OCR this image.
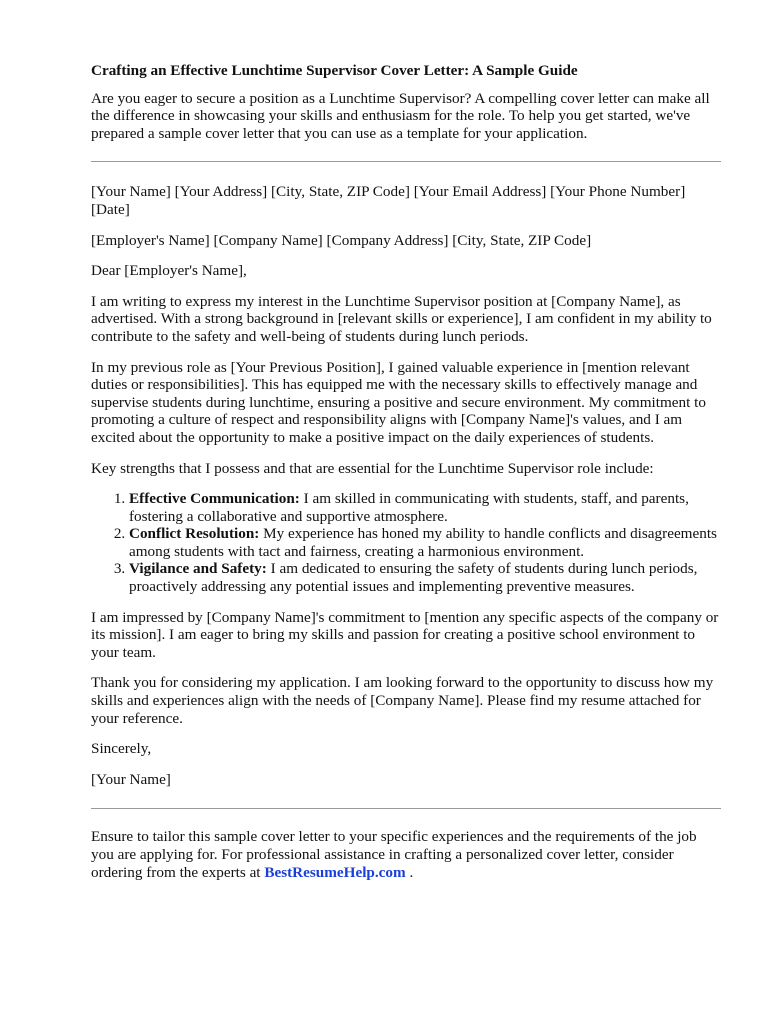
Crafting an Effective Lunchtime Supervisor Cover Letter: A Sample Guide

Are you eager to secure a position as a Lunchtime Supervisor? A compelling cover letter can make all the difference in showcasing your skills and enthusiasm for the role. To help you get started, we've prepared a sample cover letter that you can use as a template for your application.

[Your Name] [Your Address] [City, State, ZIP Code] [Your Email Address] [Your Phone Number] [Date]

[Employer's Name] [Company Name] [Company Address] [City, State, ZIP Code]

Dear [Employer's Name],

I am writing to express my interest in the Lunchtime Supervisor position at [Company Name], as advertised. With a strong background in [relevant skills or experience], I am confident in my ability to contribute to the safety and well-being of students during lunch periods.

In my previous role as [Your Previous Position], I gained valuable experience in [mention relevant duties or responsibilities]. This has equipped me with the necessary skills to effectively manage and supervise students during lunchtime, ensuring a positive and secure environment. My commitment to promoting a culture of respect and responsibility aligns with [Company Name]'s values, and I am excited about the opportunity to make a positive impact on the daily experiences of students.

Key strengths that I possess and that are essential for the Lunchtime Supervisor role include:

1. Effective Communication: I am skilled in communicating with students, staff, and parents, fostering a collaborative and supportive atmosphere.
2. Conflict Resolution: My experience has honed my ability to handle conflicts and disagreements among students with tact and fairness, creating a harmonious environment.
3. Vigilance and Safety: I am dedicated to ensuring the safety of students during lunch periods, proactively addressing any potential issues and implementing preventive measures.

I am impressed by [Company Name]'s commitment to [mention any specific aspects of the company or its mission]. I am eager to bring my skills and passion for creating a positive school environment to your team.

Thank you for considering my application. I am looking forward to the opportunity to discuss how my skills and experiences align with the needs of [Company Name]. Please find my resume attached for your reference.

Sincerely,

[Your Name]

Ensure to tailor this sample cover letter to your specific experiences and the requirements of the job you are applying for. For professional assistance in crafting a personalized cover letter, consider ordering from the experts at BestResumeHelp.com .
